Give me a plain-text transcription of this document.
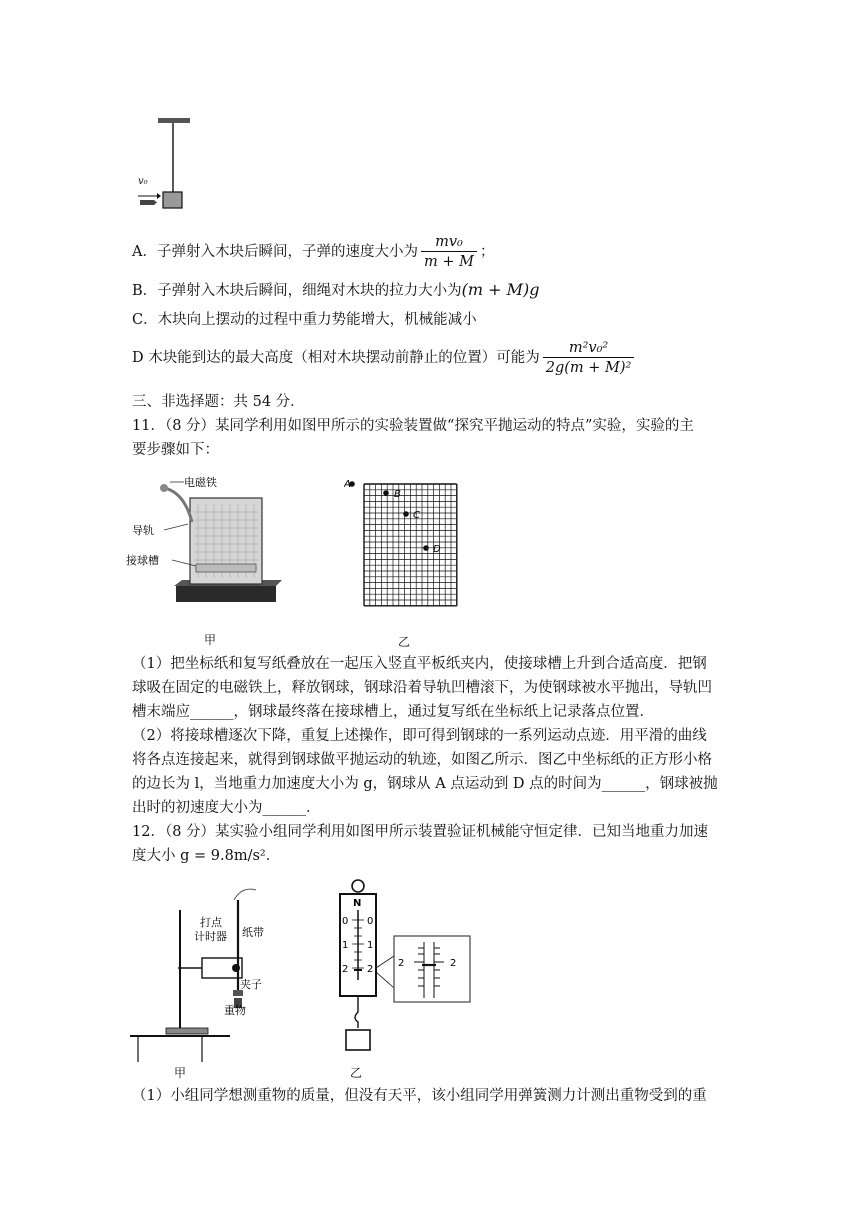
v₀
A．子弹射入木块后瞬间，子弹的速度大小为 $\frac{\text{mv₀}}{m + M}$ ；
B．子弹射入木块后瞬间，细绳对木块的拉力大小为(m + M)g
C．木块向上摆动的过程中重力势能增大，机械能减小
D 木块能到达的最大高度（相对木块摆动前静止的位置）可能为 $\frac{\text{m²v₀²}}{\text{2g(m + M)²}}$
三、非选择题：共 54 分．
11．（8 分）某同学利用如图甲所示的实验装置做“探究平抛运动的特点”实验，实验的主
要步骤如下：
电磁铁
导轨
接球槽
甲
A
B
C
D
乙
（1）把坐标纸和复写纸叠放在一起压入竖直平板纸夹内，使接球槽上升到合适高度．把钢
球吸在固定的电磁铁上，释放钢球，钢球沿着导轨凹槽滚下，为使钢球被水平抛出，导轨凹
槽末端应______，钢球最终落在接球槽上，通过复写纸在坐标纸上记录落点位置．
（2）将接球槽逐次下降，重复上述操作，即可得到钢球的一系列运动点迹．用平滑的曲线
将各点连接起来，就得到钢球做平抛运动的轨迹，如图乙所示．图乙中坐标纸的正方形小格
的边长为 l，当地重力加速度大小为 g，钢球从 A 点运动到 D 点的时间为______，钢球被抛
出时的初速度大小为______．
12．（8 分）某实验小组同学利用如图甲所示装置验证机械能守恒定律．已知当地重力加速
度大小 g = 9.8m/s²．
打点
计时器 纸带
夹子
重物
甲
N
0 0
1 1
2 2
2	2
乙
（1）小组同学想测重物的质量，但没有天平，该小组同学用弹簧测力计测出重物受到的重
